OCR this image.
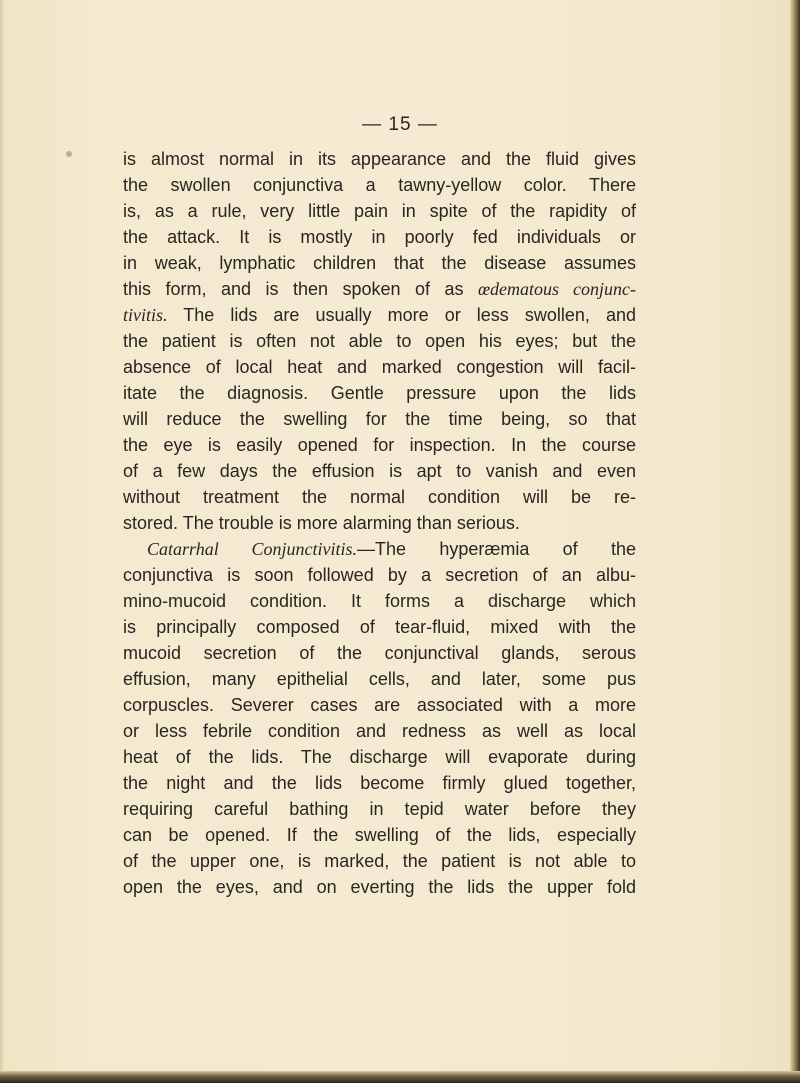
— 15 —
is almost normal in its appearance and the fluid gives
the swollen conjunctiva a tawny-yellow color. There
is, as a rule, very little pain in spite of the rapidity of
the attack. It is mostly in poorly fed individuals or
in weak, lymphatic children that the disease assumes
this form, and is then spoken of as œdematous conjunc-
tivitis. The lids are usually more or less swollen, and
the patient is often not able to open his eyes; but the
absence of local heat and marked congestion will facil-
itate the diagnosis. Gentle pressure upon the lids
will reduce the swelling for the time being, so that
the eye is easily opened for inspection. In the course
of a few days the effusion is apt to vanish and even
without treatment the normal condition will be re-
stored. The trouble is more alarming than serious.
Catarrhal Conjunctivitis.—The hyperæmia of the
conjunctiva is soon followed by a secretion of an albu-
mino-mucoid condition. It forms a discharge which
is principally composed of tear-fluid, mixed with the
mucoid secretion of the conjunctival glands, serous
effusion, many epithelial cells, and later, some pus
corpuscles. Severer cases are associated with a more
or less febrile condition and redness as well as local
heat of the lids. The discharge will evaporate during
the night and the lids become firmly glued together,
requiring careful bathing in tepid water before they
can be opened. If the swelling of the lids, especially
of the upper one, is marked, the patient is not able to
open the eyes, and on everting the lids the upper fold
